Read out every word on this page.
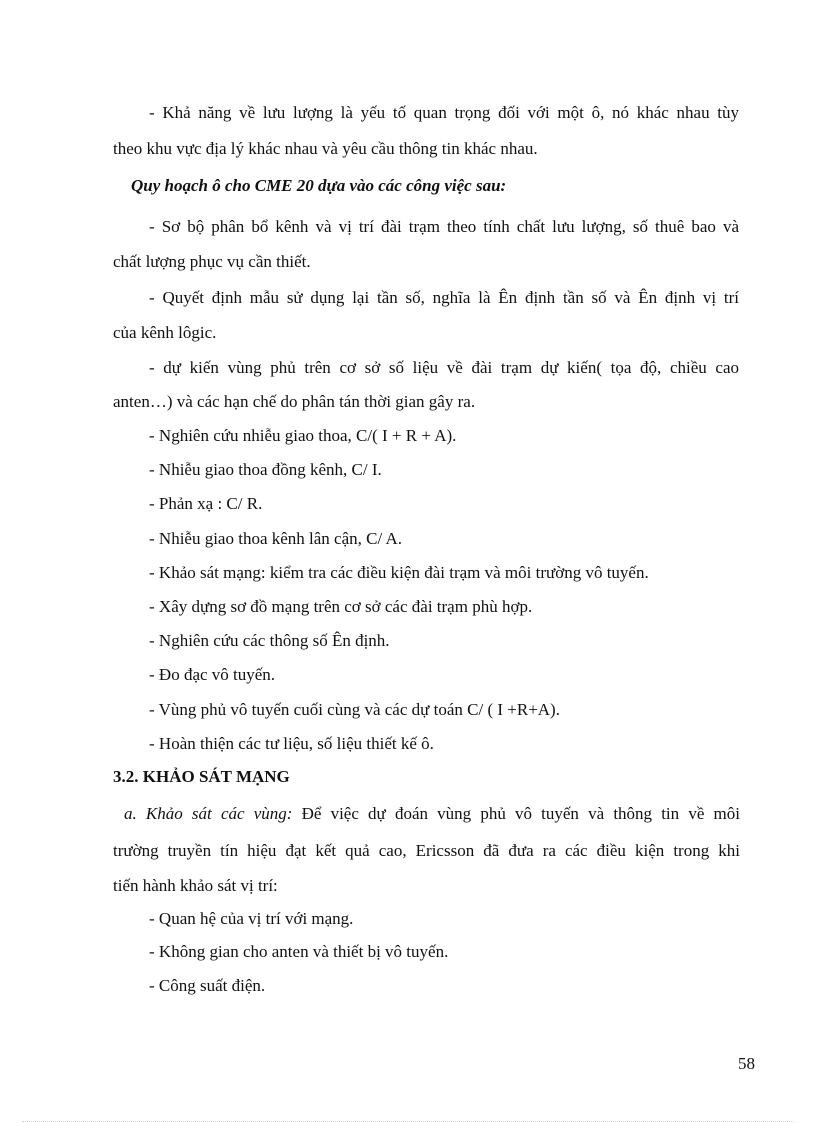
- Khả năng về lưu lượng là yếu tố quan trọng đối với một ô, nó khác nhau tùy
theo khu vực địa lý khác nhau và yêu cầu thông tin khác nhau.
Quy hoạch ô cho CME 20 dựa vào các công việc sau:
- Sơ bộ phân bổ kênh và vị trí đài trạm theo tính chất lưu lượng, số thuê bao và
chất lượng phục vụ cần thiết.
- Quyết định mẫu sử dụng lại tần số, nghĩa là Ên định tần số và Ên định vị trí
của kênh lôgic.
- dự kiến vùng phủ trên cơ sở số liệu về đài trạm dự kiến( tọa độ, chiều cao
anten…) và các hạn chế do phân tán thời gian gây ra.
- Nghiên cứu nhiễu giao thoa, C/( I + R + A).
- Nhiễu giao thoa đồng kênh, C/ I.
- Phản xạ : C/ R.
- Nhiễu giao thoa kênh lân cận, C/ A.
- Khảo sát mạng: kiểm tra các điều kiện đài trạm và môi trường vô tuyến.
- Xây dựng sơ đồ mạng trên cơ sở các đài trạm phù hợp.
- Nghiên cứu các thông số Ên định.
- Đo đạc vô tuyến.
- Vùng phủ vô tuyến cuối cùng và các dự toán C/ ( I +R+A).
- Hoàn thiện các tư liệu, số liệu thiết kế ô.
3.2. KHẢO SÁT MẠNG
a. Khảo sát các vùng: Để việc dự đoán vùng phủ vô tuyến và thông tin về môi
trường truyền tín hiệu đạt kết quả cao, Ericsson đã đưa ra các điều kiện trong khi
tiến hành khảo sát vị trí:
- Quan hệ của vị trí với mạng.
- Không gian cho anten và thiết bị vô tuyến.
- Công suất điện.
58
